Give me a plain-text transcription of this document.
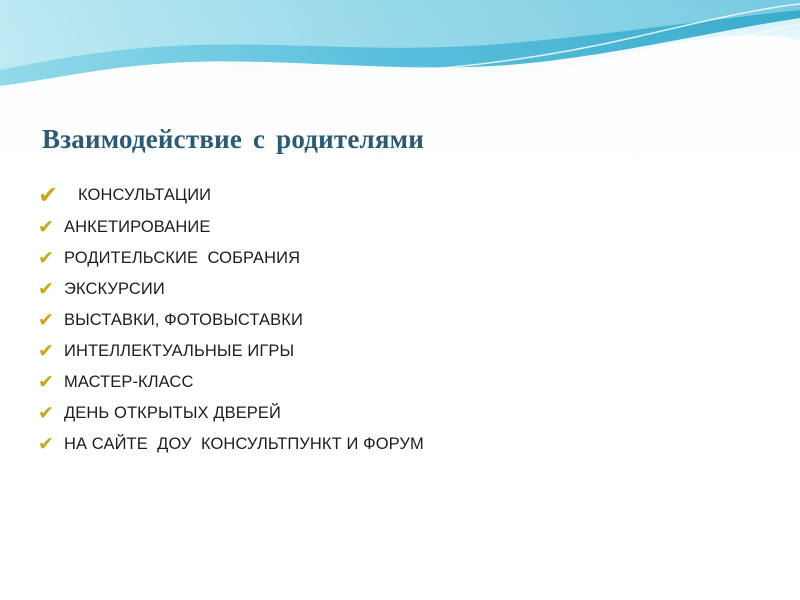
Взаимодействие с родителями
✔	КОНСУЛЬТАЦИИ
✔ АНКЕТИРОВАНИЕ
✔ РОДИТЕЛЬСКИЕ  СОБРАНИЯ
✔ ЭКСКУРСИИ
✔ ВЫСТАВКИ, ФОТОВЫСТАВКИ
✔ ИНТЕЛЛЕКТУАЛЬНЫЕ ИГРЫ
✔ МАСТЕР-КЛАСС
✔ ДЕНЬ ОТКРЫТЫХ ДВЕРЕЙ
✔ НА САЙТЕ  ДОУ  КОНСУЛЬТПУНКТ И ФОРУМ
